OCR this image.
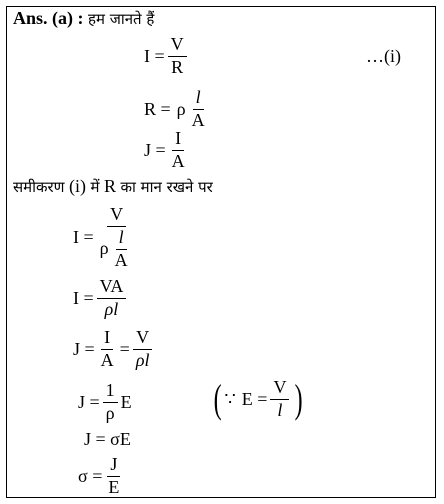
Ans. (a) : हम जानते हैं
$I = \frac{V}{R}$	…(i)
R = ρ $\frac{l}{A}$
$J = \frac{I}{A}$
समीकरण (i) में R का मान रखने पर
$I = \frac{V}{\rho \frac{l}{A}}$
$I = \frac{VA}{\rho l}$
$J = \frac{I}{A} = \frac{V}{\rho l}$
$J = \frac{1}{\rho}$ E ( ∵ $E = \frac{V}{l}$ )
J = σE
$\sigma = \frac{J}{E}$
